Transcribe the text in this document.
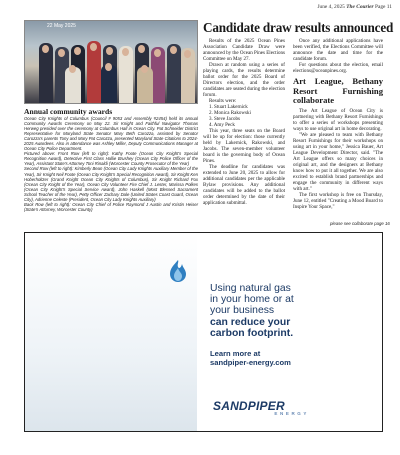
June 4, 2025 The Courier Page 11
22 May 2025
Annual community awards

Ocean City Knights of Columbus (Council # 9053 and Assembly #2454) held its annual Community Awards Ceremony on May 22. Sir Knight and Faithful Navigator Thomas Herweg presided over the ceremony at Columbus Hall in Ocean City. Pat Schneider District Representative for Maryland State Senator Mary Beth Carozza, assisted by Senator Carozza's parents Tony and Mary Pat Carozza, presented Maryland State Citations to 2024-2025 Awardees. Also in attendance was Ashley Miller, Deputy Communications Manager at Ocean City Police Department.

Pictured above: Front Row (left to right): Kathy Foote (Ocean City Knight's Special Recognition Award), Detective First Class Hallie Brushey (Ocean City Police Officer of the Year), Assistant State's Attorney Toni Rinaldi (Worcester County Prosecutor of the Year)

Second Row (left to right): Kimberly Bean (Ocean City Lady Knights Auxiliary Member of the Year), Sir Knight Neil Foote (Ocean City Knight's Special Recognition Award), Sir Knight Ken Hoberholtzer (Grand Knight Ocean City Knights of Columbus), Sir Knight Richard Fox (Ocean City Knight of the Year), Ocean City Volunteer Fire Chief J. Lester, Marissa Polkes (Ocean City Knight's Special Service Award), John Haskell (Most Blessed Sacrament School Teacher of the Year), Petty Officer Zachary Dale (United States Coast Guard, Ocean City), Adrienne Celeste (President, Ocean City Lady Knights Auxiliary)

Back Row (left to right): Ocean City Chief of Police Raymond J Austin and Kristin Heiser (State's Attorney, Worcester County)

Candidate draw results announced

Results of the 2025 Ocean Pines Association Candidate Draw were announced by the Ocean Pines Elections Committee on May 27.

Drawn at random using a series of playing cards, the results determine ballot order for the 2025 Board of Directors election, and the order candidates are seated during the election forum.

Results were:

1. Stuart Lakernick

2. Monica Rakowski

3. Steve Jacobs

4. Amy Peck

This year, three seats on the Board will be up for election: those currently held by Lakernick, Rakowski, and Jacobs. The seven-member volunteer board is the governing body of Ocean Pines.

The deadline for candidates was extended to June 20, 2025 to allow for additional candidates per the applicable Bylaw provisions. Any additional candidates will be added to the ballot order determined by the date of their application submittal.

Once any additional applications have been verified, the Elections Committee will announce the date and time for the candidate forum.

For questions about the election, email elections@oceanpines.org.

Art League, Bethany Resort Furnishing collaborate

The Art League of Ocean City is partnering with Bethany Resort Furnishings to offer a series of workshops presenting ways to use original art in home decorating.

"We are pleased to team with Bethany Resort Furnishings for their workshops on using art in your home," Jessica Bauer, Art League Development Director, said. "The Art League offers so many choices in original art, and the designers at Bethany know how to put it all together. We are also excited to establish brand partnerships and engage the community in different ways with art."

The first workshop is free on Thursday, June 12, entitled "Creating a Mood Board to Inspire Your Space,"

please see collaborate page 16
Using natural gas
in your home or at
your business
can reduce your
carbon footprint.
Learn more at
sandpiper-energy.com
SANDPIPER
ENERGY
